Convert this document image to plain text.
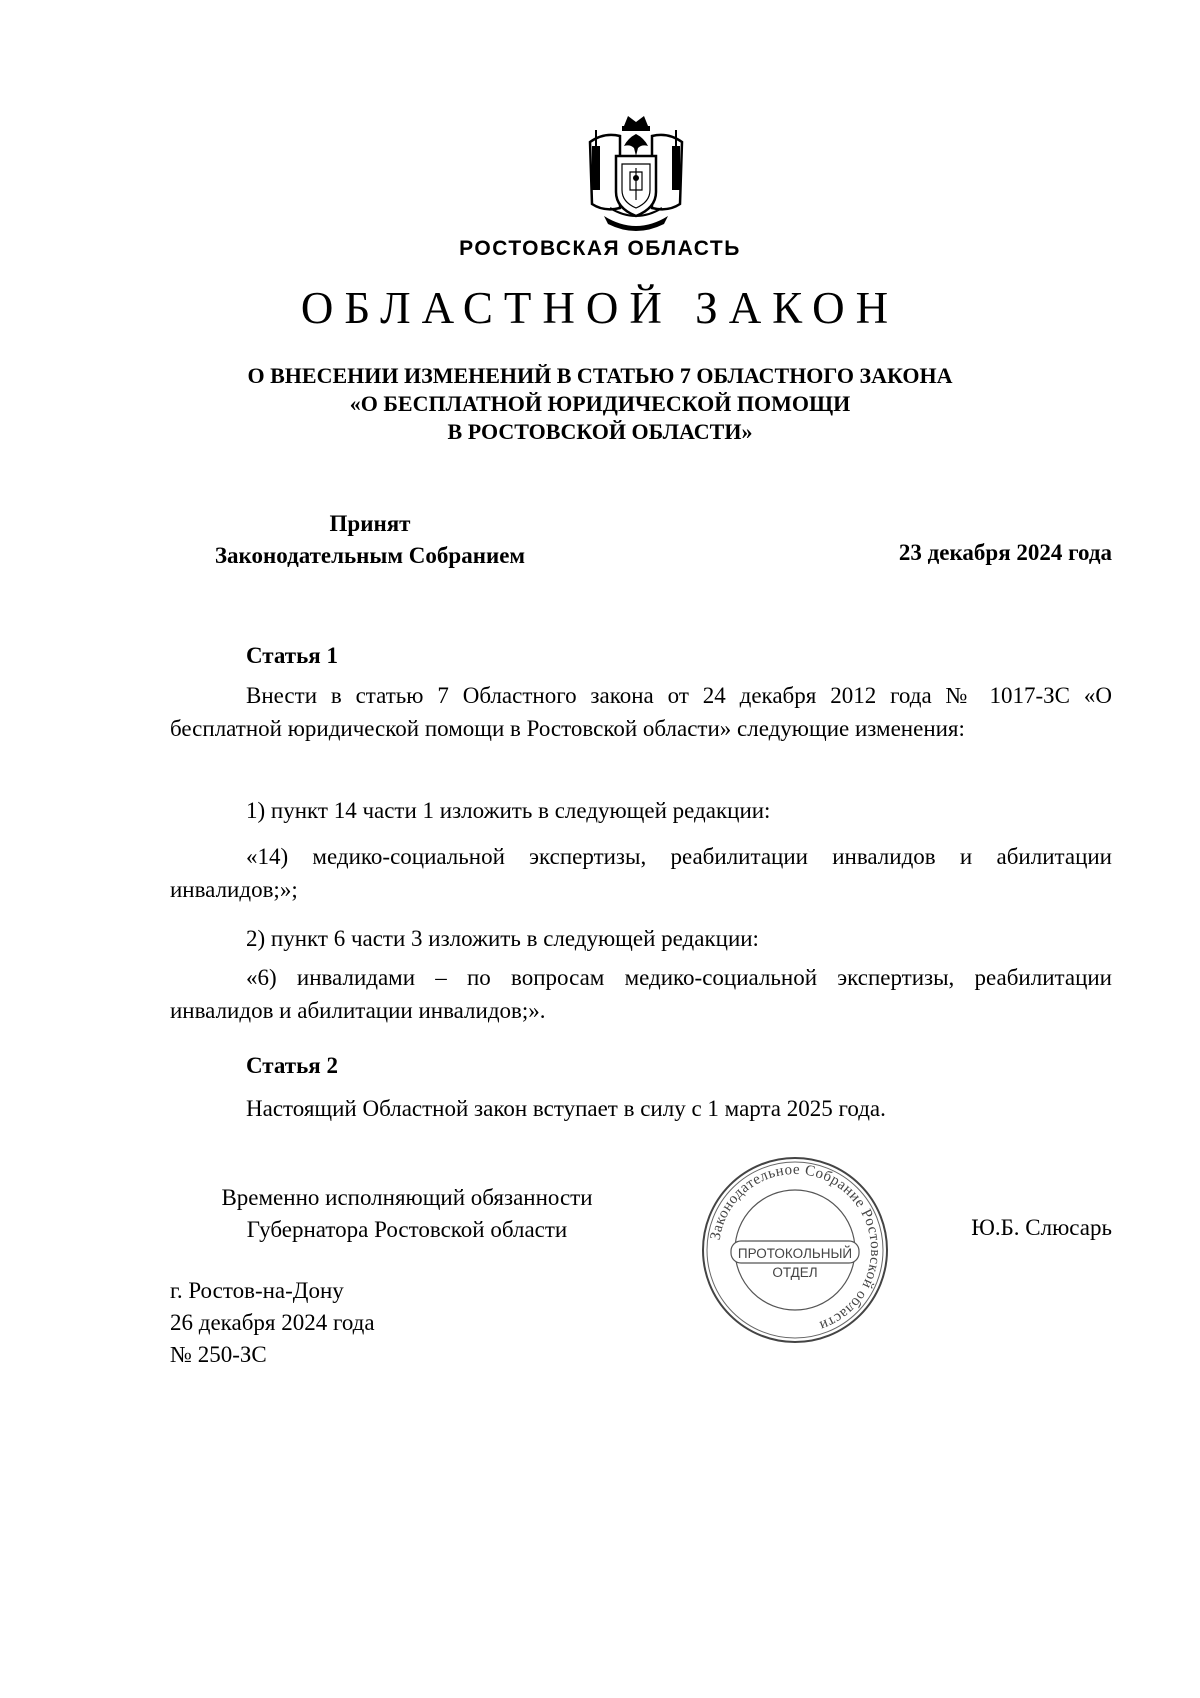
РОСТОВСКАЯ ОБЛАСТЬ
ОБЛАСТНОЙ ЗАКОН
О ВНЕСЕНИИ ИЗМЕНЕНИЙ В СТАТЬЮ 7 ОБЛАСТНОГО ЗАКОНА
«О БЕСПЛАТНОЙ ЮРИДИЧЕСКОЙ ПОМОЩИ
В РОСТОВСКОЙ ОБЛАСТИ»
Принят
Законодательным Собранием	23 декабря 2024 года
Статья 1
Внести в статью 7 Областного закона от 24 декабря 2012 года № 1017-ЗС «О бесплатной юридической помощи в Ростовской области» следующие изменения:
1) пункт 14 части 1 изложить в следующей редакции:
«14) медико-социальной экспертизы, реабилитации инвалидов и абилитации инвалидов;»;
2) пункт 6 части 3 изложить в следующей редакции:
«6) инвалидами – по вопросам медико-социальной экспертизы, реабилитации инвалидов и абилитации инвалидов;».
Статья 2
Настоящий Областной закон вступает в силу с 1 марта 2025 года.
Временно исполняющий обязанности
Губернатора Ростовской области	Ю.Б. Слюсарь
Законодательное Собрание Ростовской области
ПРОТОКОЛЬНЫЙ
ОТДЕЛ
г. Ростов-на-Дону
26 декабря 2024 года
№ 250-ЗС
